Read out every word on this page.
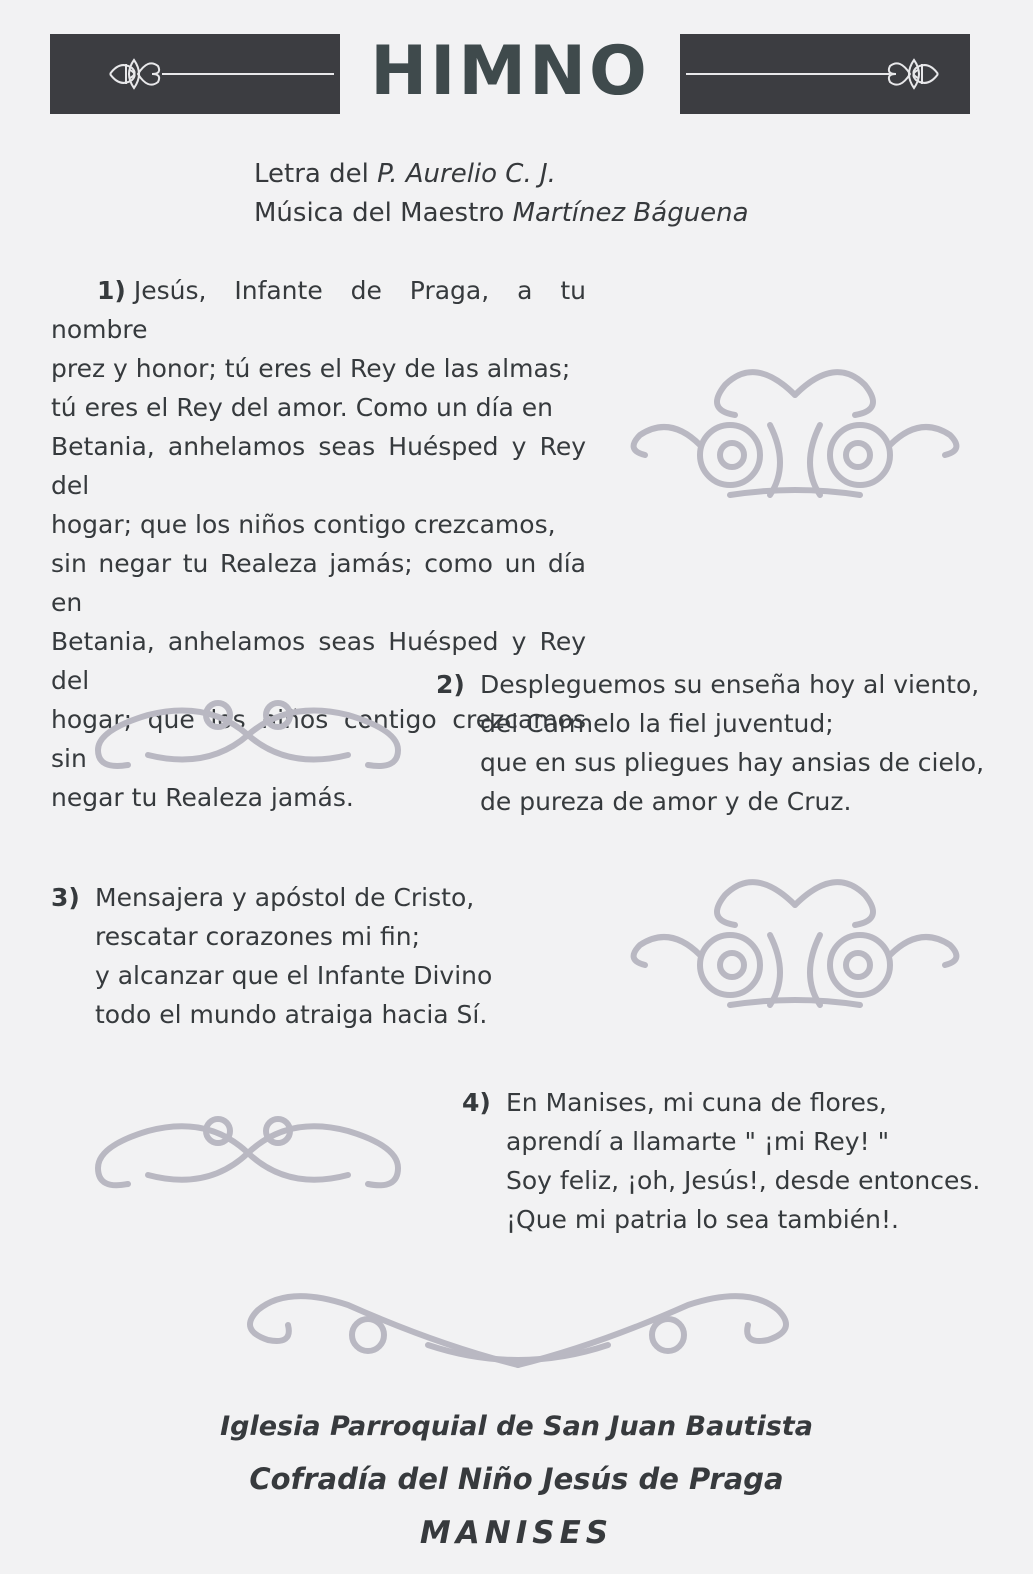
HIMNO
Letra del P. Aurelio C. J.
Música del Maestro Martínez Báguena
1) Jesús, Infante de Praga, a tu nombre
prez y honor; tú eres el Rey de las almas;
tú eres el Rey del amor. Como un día en
Betania, anhelamos seas Huésped y Rey del
hogar; que los niños contigo crezcamos,
sin negar tu Realeza jamás; como un día en
Betania, anhelamos seas Huésped y Rey del
hogar; que los niños contigo crezcamos sin
negar tu Realeza jamás.
2) Despleguemos su enseña hoy al viento,
del Carmelo la fiel juventud;
que en sus pliegues hay ansias de cielo,
de pureza de amor y de Cruz.
3) Mensajera y apóstol de Cristo,
rescatar corazones mi fin;
y alcanzar que el Infante Divino
todo el mundo atraiga hacia Sí.
4) En Manises, mi cuna de flores,
aprendí a llamarte " ¡mi Rey! "
Soy feliz, ¡oh, Jesús!, desde entonces.
¡Que mi patria lo sea también!.
Iglesia Parroquial de San Juan Bautista
Cofradía del Niño Jesús de Praga
MANISES
